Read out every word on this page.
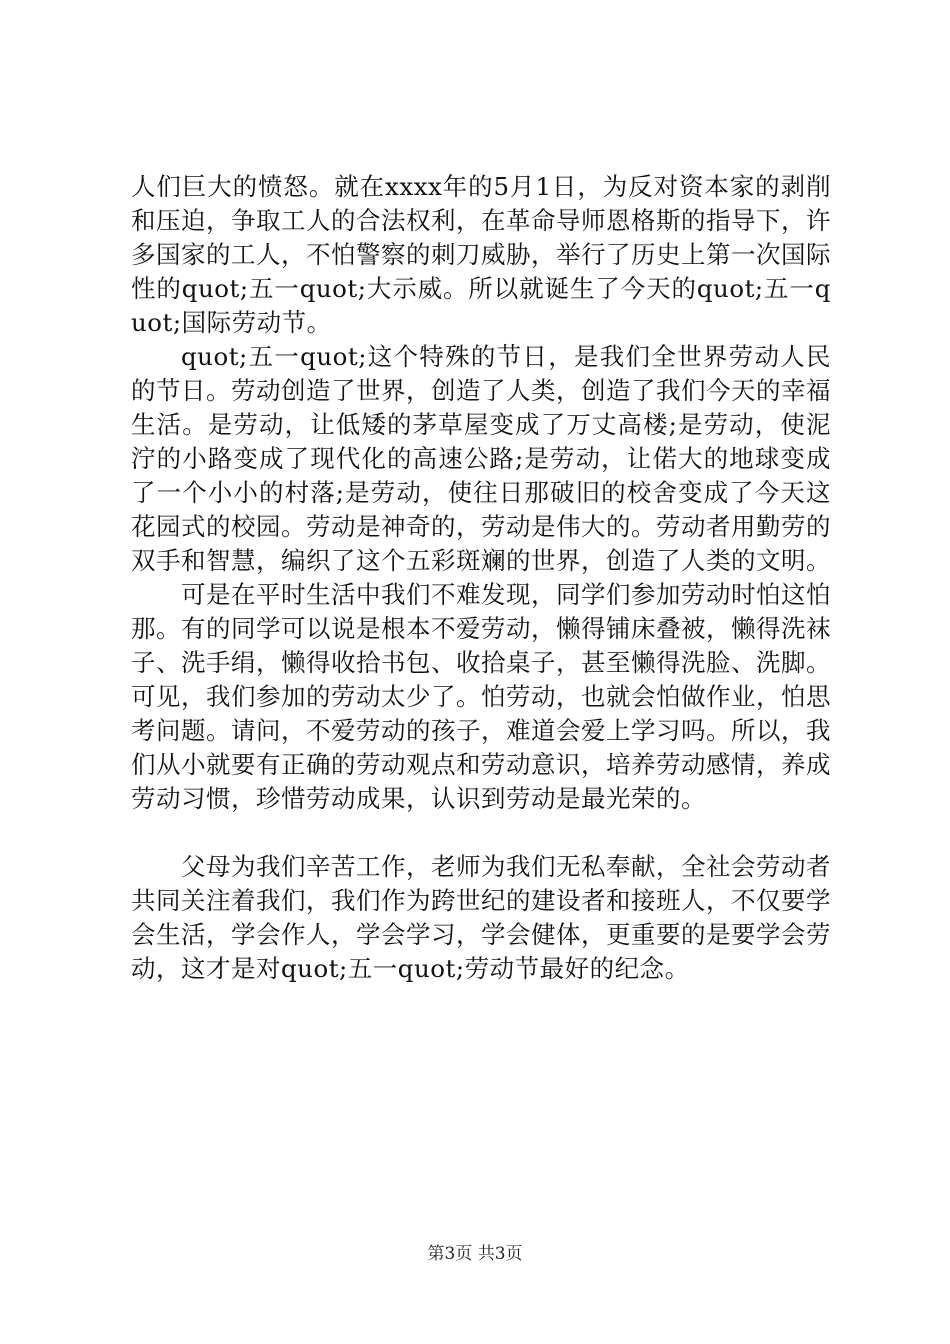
人们巨大的愤怒。就在xxxx年的5月1日，为反对资本家的剥削和压迫，争取工人的合法权利，在革命导师恩格斯的指导下，许多国家的工人，不怕警察的刺刀威胁，举行了历史上第一次国际性的quot;五一quot;大示威。所以就诞生了今天的quot;五一quot;国际劳动节。

quot;五一quot;这个特殊的节日，是我们全世界劳动人民的节日。劳动创造了世界，创造了人类，创造了我们今天的幸福生活。是劳动，让低矮的茅草屋变成了万丈高楼;是劳动，使泥泞的小路变成了现代化的高速公路;是劳动，让偌大的地球变成了一个小小的村落;是劳动，使往日那破旧的校舍变成了今天这花园式的校园。劳动是神奇的，劳动是伟大的。劳动者用勤劳的双手和智慧，编织了这个五彩斑斓的世界，创造了人类的文明。

可是在平时生活中我们不难发现，同学们参加劳动时怕这怕那。有的同学可以说是根本不爱劳动，懒得铺床叠被，懒得洗袜子、洗手绢，懒得收拾书包、收拾桌子，甚至懒得洗脸、洗脚。可见，我们参加的劳动太少了。怕劳动，也就会怕做作业，怕思考问题。请问，不爱劳动的孩子，难道会爱上学习吗。所以，我们从小就要有正确的劳动观点和劳动意识，培养劳动感情，养成劳动习惯，珍惜劳动成果，认识到劳动是最光荣的。

父母为我们辛苦工作，老师为我们无私奉献，全社会劳动者共同关注着我们，我们作为跨世纪的建设者和接班人，不仅要学会生活，学会作人，学会学习，学会健体，更重要的是要学会劳动，这才是对quot;五一quot;劳动节最好的纪念。

第3页 共3页
